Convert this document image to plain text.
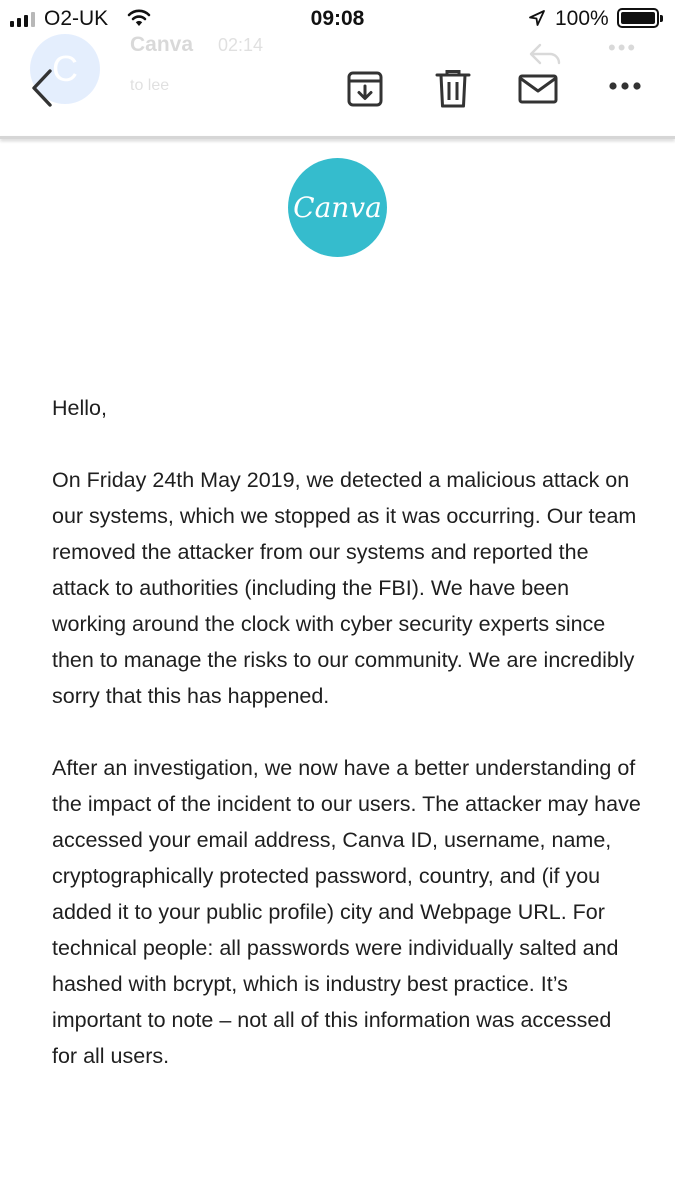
O2-UK	09:08	100%
C
Canva 02:14
to lee
•••
Canva

Hello,

On Friday 24th May 2019, we detected a malicious attack on our systems, which we stopped as it was occurring. Our team removed the attacker from our systems and reported the attack to authorities (including the FBI). We have been working around the clock with cyber security experts since then to manage the risks to our community. We are incredibly sorry that this has happened.

After an investigation, we now have a better understanding of the impact of the incident to our users. The attacker may have accessed your email address, Canva ID, username, name, cryptographically protected password, country, and (if you added it to your public profile) city and Webpage URL. For technical people: all passwords were individually salted and hashed with bcrypt, which is industry best practice. It’s important to note – not all of this information was accessed for all users.
